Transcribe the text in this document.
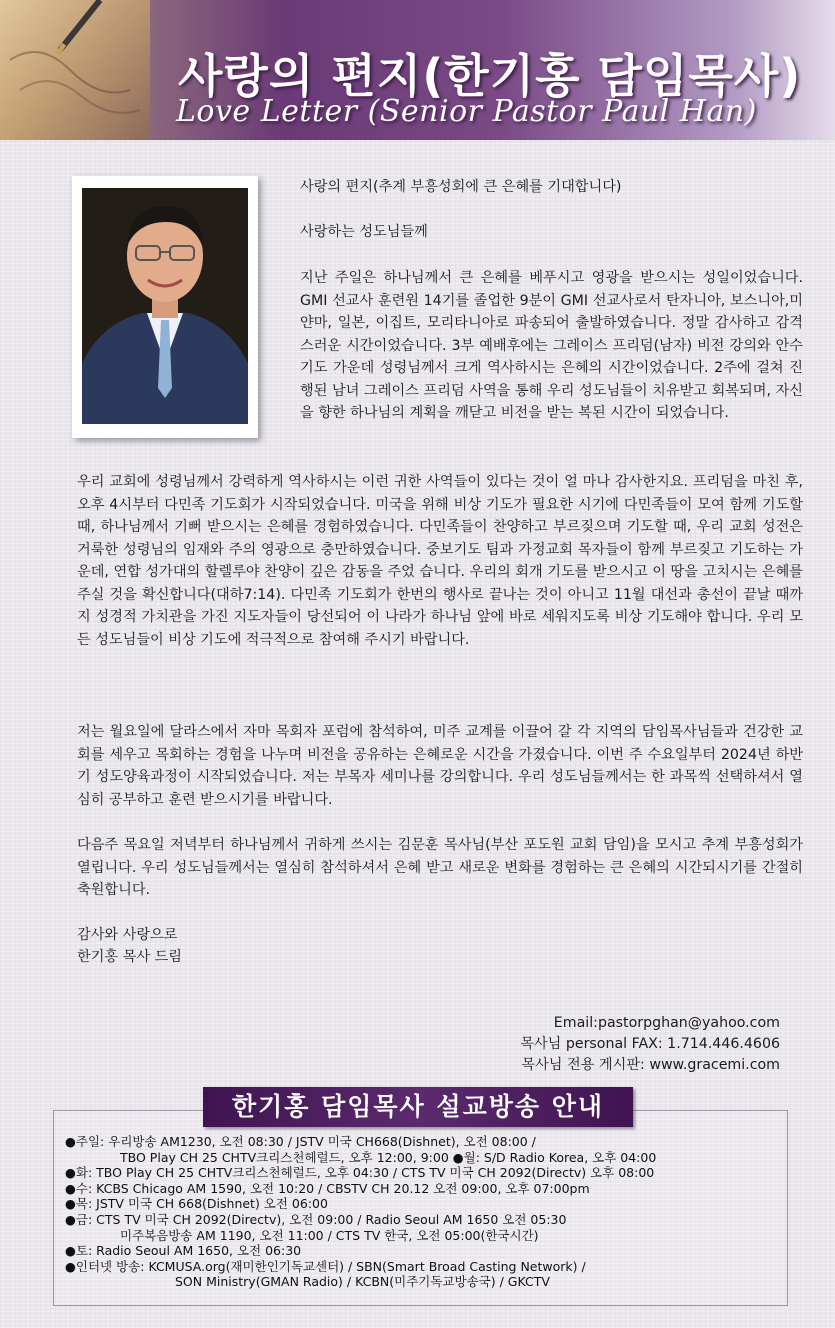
사랑의 편지(한기홍 담임목사)
Love Letter (Senior Pastor Paul Han)
사랑의 편지(추계 부흥성회에 큰 은혜를 기대합니다)
사랑하는 성도님들께
지난 주일은 하나님께서 큰 은혜를 베푸시고 영광을 받으시는 성일이었습니다. GMI 선교사 훈련원 14기를 졸업한 9분이 GMI 선교사로서 탄자니아, 보스니아,미얀마, 일본, 이집트, 모리타니아로 파송되어 출발하였습니다. 정말 감사하고 감격스러운 시간이었습니다. 3부 예배후에는 그레이스 프리덤(남자) 비전 강의와 안수 기도 가운데 성령님께서 크게 역사하시는 은혜의 시간이었습니다. 2주에 걸쳐 진행된 남녀 그레이스 프리덤 사역을 통해 우리 성도님들이 치유받고 회복되며, 자신을 향한 하나님의 계획을 깨닫고 비전을 받는 복된 시간이 되었습니다.
우리 교회에 성령님께서 강력하게 역사하시는 이런 귀한 사역들이 있다는 것이 얼 마나 감사한지요. 프리덤을 마친 후, 오후 4시부터 다민족 기도회가 시작되었습니다. 미국을 위해 비상 기도가 필요한 시기에 다민족들이 모여 함께 기도할 때, 하나님께서 기뻐 받으시는 은혜를 경험하였습니다. 다민족들이 찬양하고 부르짖으며 기도할 때, 우리 교회 성전은 거룩한 성령님의 임재와 주의 영광으로 충만하였습니다. 중보기도 팀과 가정교회 목자들이 함께 부르짖고 기도하는 가운데, 연합 성가대의 할렐루야 찬양이 깊은 감동을 주었 습니다. 우리의 회개 기도를 받으시고 이 땅을 고치시는 은혜를 주실 것을 확신합니다(대하7:14). 다민족 기도회가 한번의 행사로 끝나는 것이 아니고 11월 대선과 총선이 끝날 때까지 성경적 가치관을 가진 지도자들이 당선되어 이 나라가 하나님 앞에 바로 세워지도록 비상 기도해야 합니다. 우리 모든 성도님들이 비상 기도에 적극적으로 참여해 주시기 바랍니다.
저는 월요일에 달라스에서 자마 목회자 포럼에 참석하여, 미주 교계를 이끌어 갈 각 지역의 담임목사님들과 건강한 교회를 세우고 목회하는 경험을 나누며 비전을 공유하는 은혜로운 시간을 가졌습니다. 이번 주 수요일부터 2024년 하반기 성도양육과정이 시작되었습니다. 저는 부목자 세미나를 강의합니다. 우리 성도님들께서는 한 과목씩 선택하셔서 열심히 공부하고 훈련 받으시기를 바랍니다.
다음주 목요일 저녁부터 하나님께서 귀하게 쓰시는 김문훈 목사님(부산 포도원 교회 담임)을 모시고 추계 부흥성회가 열립니다. 우리 성도님들께서는 열심히 참석하셔서 은혜 받고 새로운 변화를 경험하는 큰 은혜의 시간되시기를 간절히 축원합니다.
감사와 사랑으로
한기홍 목사 드림
Email:pastorpghan@yahoo.com
목사님 personal FAX: 1.714.446.4606
목사님 전용 게시판: www.gracemi.com
한기홍 담임목사 설교방송 안내
●주일: 우리방송 AM1230, 오전 08:30 / JSTV 미국 CH668(Dishnet), 오전 08:00 /
TBO Play CH 25 CHTV크리스천헤럴드, 오후 12:00, 9:00 ●월: S/D Radio Korea, 오후 04:00
●화: TBO Play CH 25 CHTV크리스천헤럴드, 오후 04:30 / CTS TV 미국 CH 2092(Directv) 오후 08:00
●수: KCBS Chicago AM 1590, 오전 10:20 / CBSTV CH 20.12 오전 09:00, 오후 07:00pm
●목: JSTV 미국 CH 668(Dishnet) 오전 06:00
●금: CTS TV 미국 CH 2092(Directv), 오전 09:00 / Radio Seoul AM 1650 오전 05:30
미주복음방송 AM 1190, 오전 11:00 / CTS TV 한국, 오전 05:00(한국시간)
●토: Radio Seoul AM 1650, 오전 06:30
●인터넷 방송: KCMUSA.org(재미한인기독교센터) / SBN(Smart Broad Casting Network) /
SON Ministry(GMAN Radio) / KCBN(미주기독교방송국) / GKCTV
